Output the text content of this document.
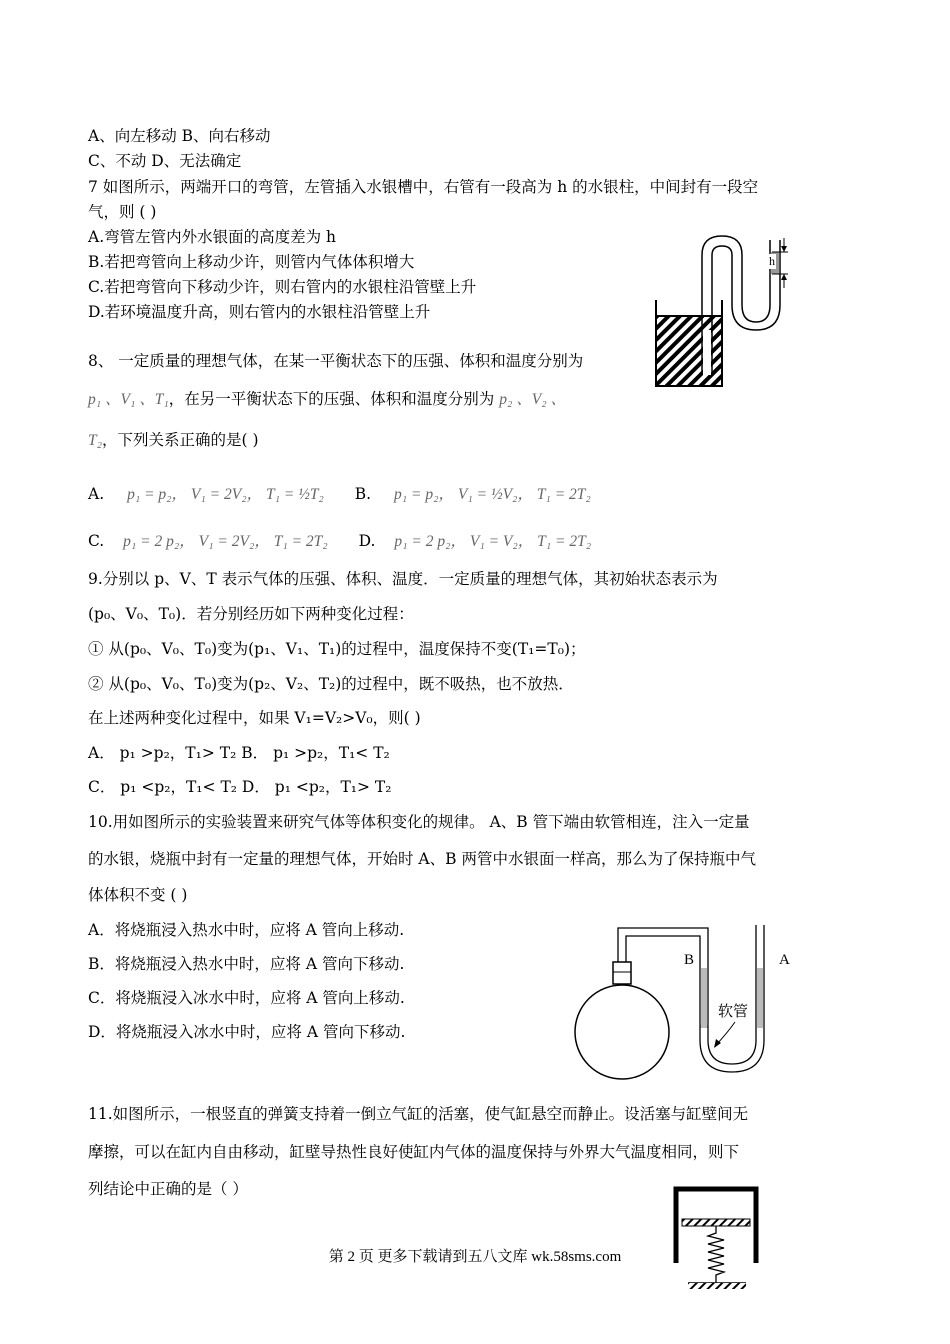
A、向左移动 B、向右移动
C、不动 D、无法确定
7 如图所示，两端开口的弯管，左管插入水银槽中，右管有一段高为 h 的水银柱，中间封有一段空
气，则 ( )
A.弯管左管内外水银面的高度差为 h
B.若把弯管向上移动少许，则管内气体体积增大
C.若把弯管向下移动少许，则右管内的水银柱沿管壁上升
D.若环境温度升高，则右管内的水银柱沿管壁上升
h
8、 一定质量的理想气体，在某一平衡状态下的压强、体积和温度分别为
p₁ 、V₁ 、T₁，在另一平衡状态下的压强、体积和温度分别为 p₂ 、V₂ 、
T₂，下列关系正确的是( )
A. p₁ = p₂， V₁ = 2V₂， T₁ = ½T₂ B. p₁ = p₂， V₁ = ½V₂， T₁ = 2T₂
C. p₁ = 2 p₂， V₁ = 2V₂， T₁ = 2T₂ D. p₁ = 2 p₂， V₁ = V₂， T₁ = 2T₂
9.分别以 p、V、T 表示气体的压强、体积、温度．一定质量的理想气体，其初始状态表示为
(p₀、V₀、T₀)．若分别经历如下两种变化过程：
① 从(p₀、V₀、T₀)变为(p₁、V₁、T₁)的过程中，温度保持不变(T₁=T₀)；
② 从(p₀、V₀、T₀)变为(p₂、V₂、T₂)的过程中，既不吸热，也不放热．
在上述两种变化过程中，如果 V₁=V₂>V₀，则( )
A． p₁ >p₂，T₁> T₂ B． p₁ >p₂，T₁< T₂
C． p₁ <p₂，T₁< T₂ D． p₁ <p₂，T₁> T₂
10.用如图所示的实验装置来研究气体等体积变化的规律。 A、B 管下端由软管相连，注入一定量
的水银，烧瓶中封有一定量的理想气体，开始时 A、B 两管中水银面一样高，那么为了保持瓶中气
体体积不变 ( )
A．将烧瓶浸入热水中时，应将 A 管向上移动.
B．将烧瓶浸入热水中时，应将 A 管向下移动.
C．将烧瓶浸入冰水中时，应将 A 管向上移动.
D．将烧瓶浸入冰水中时，应将 A 管向下移动.
B	A
软管
11.如图所示，一根竖直的弹簧支持着一倒立气缸的活塞，使气缸悬空而静止。设活塞与缸壁间无
摩擦，可以在缸内自由移动，缸壁导热性良好使缸内气体的温度保持与外界大气温度相同，则下
列结论中正确的是（ ）
第 2 页 更多下载请到五八文库 wk.58sms.com
